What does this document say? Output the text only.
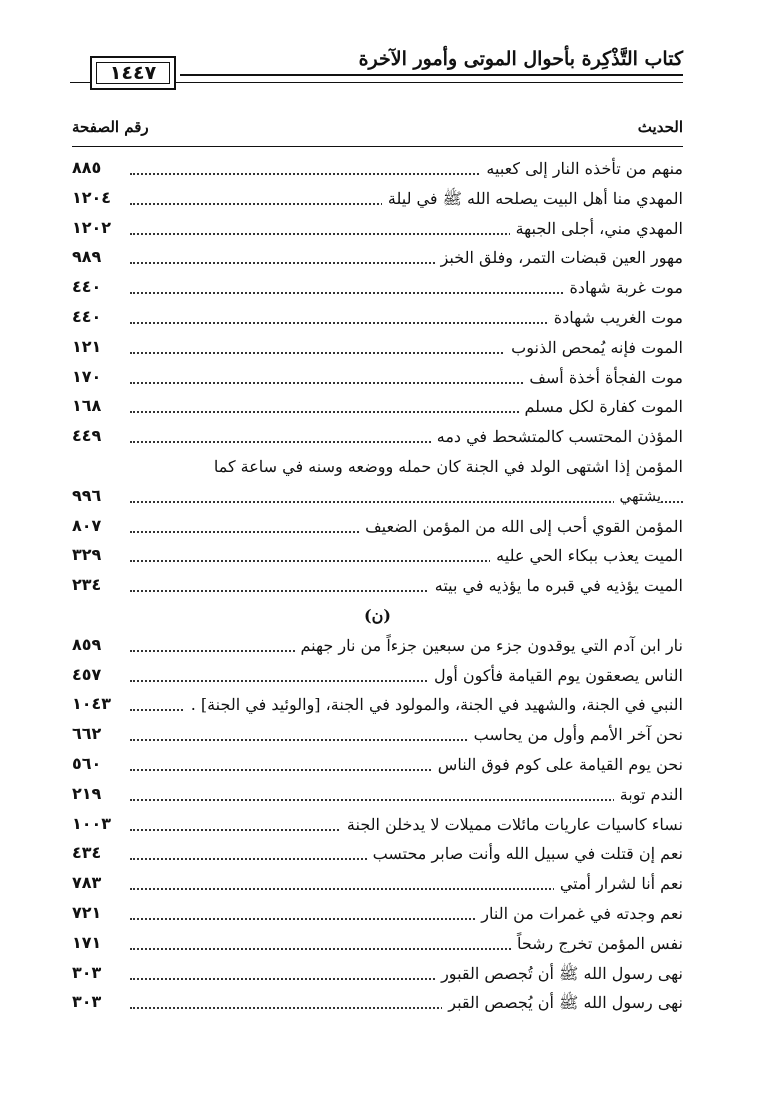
كتاب التَّذْكِرة بأحوال الموتى وأمور الآخرة
١٤٤٧
الحديث
رقم الصفحة
منهم من تأخذه النار إلى كعبيه
٨٨٥
المهدي منا أهل البيت يصلحه الله ﷺ في ليلة
١٢٠٤
المهدي مني، أجلى الجبهة
١٢٠٢
مهور العين قبضات التمر، وفلق الخبز
٩٨٩
موت غربة شهادة
٤٤٠
موت الغريب شهادة
٤٤٠
الموت فإنه يُمحص الذنوب
١٢١
موت الفجأة أخذة أسف
١٧٠
الموت كفارة لكل مسلم
١٦٨
المؤذن المحتسب كالمتشحط في دمه
٤٤٩
المؤمن إذا اشتهى الولد في الجنة كان حمله ووضعه وسنه في ساعة كما
يشتهي
٩٩٦
المؤمن القوي أحب إلى الله من المؤمن الضعيف
٨٠٧
الميت يعذب ببكاء الحي عليه
٣٢٩
الميت يؤذيه في قبره ما يؤذيه في بيته
٢٣٤
(ن)
نار ابن آدم التي يوقدون جزء من سبعين جزءاً من نار جهنم
٨٥٩
الناس يصعقون يوم القيامة فأكون أول
٤٥٧
النبي في الجنة، والشهيد في الجنة، والمولود في الجنة، [والوئيد في الجنة] .
١٠٤٣
نحن آخر الأمم وأول من يحاسب
٦٦٢
نحن يوم القيامة على كوم فوق الناس
٥٦٠
الندم توبة
٢١٩
نساء كاسيات عاريات مائلات مميلات لا يدخلن الجنة
١٠٠٣
نعم إن قتلت في سبيل الله وأنت صابر محتسب
٤٣٤
نعم أنا لشرار أمتي
٧٨٣
نعم وجدته في غمرات من النار
٧٢١
نفس المؤمن تخرج رشحاً
١٧١
نهى رسول الله ﷺ أن تُجصص القبور
٣٠٣
نهى رسول الله ﷺ أن يُجصص القبر
٣٠٣
